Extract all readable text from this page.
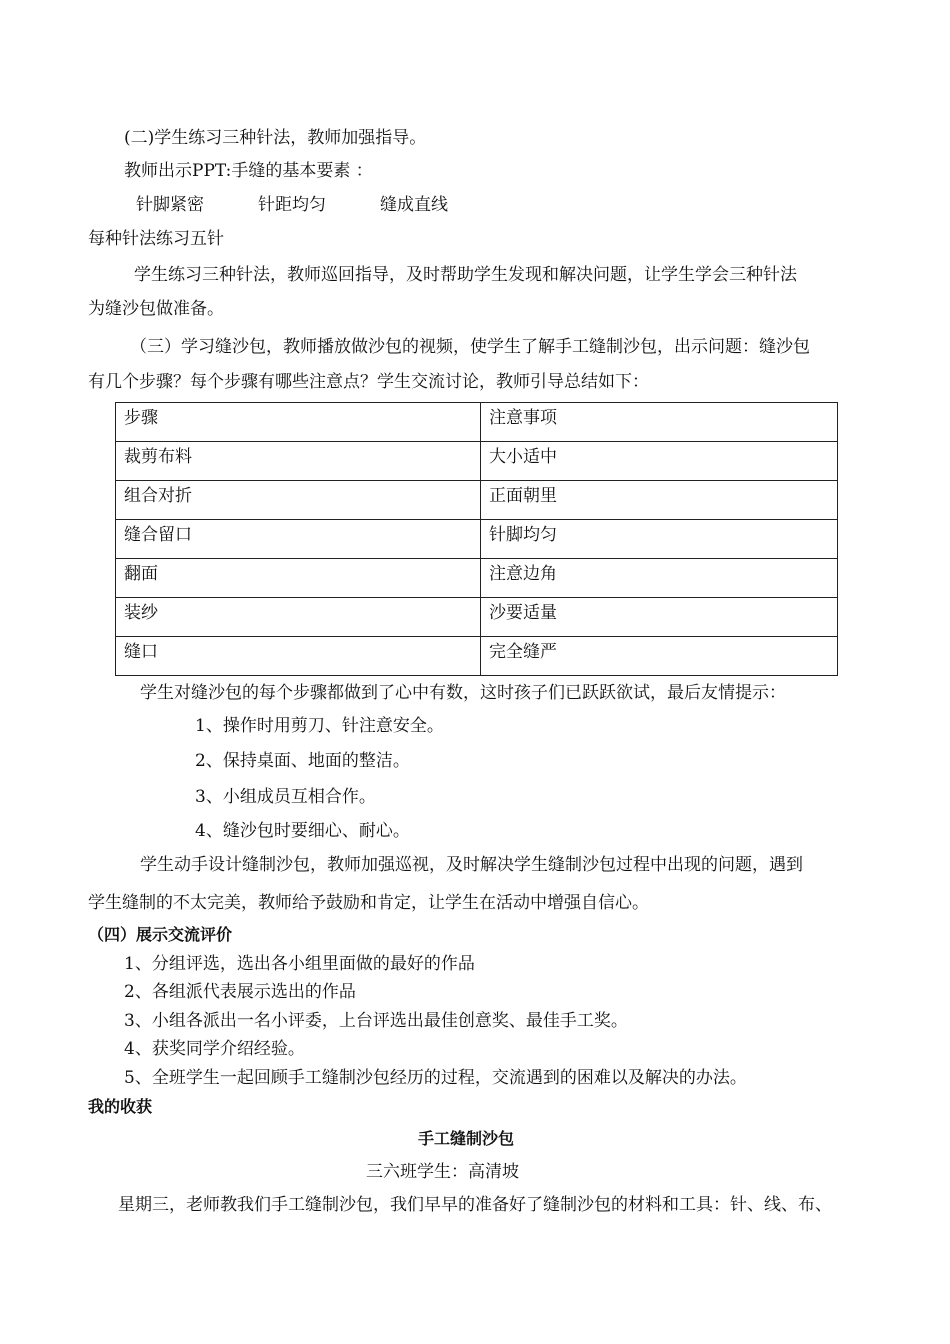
(二)学生练习三种针法，教师加强指导。
教师出示PPT:手缝的基本要素 ：
针脚紧密	针距均匀	缝成直线
每种针法练习五针
学生练习三种针法，教师巡回指导，及时帮助学生发现和解决问题，让学生学会三种针法
为缝沙包做准备。
（三）学习缝沙包，教师播放做沙包的视频，使学生了解手工缝制沙包，出示问题：缝沙包
有几个步骤？每个步骤有哪些注意点？学生交流讨论，教师引导总结如下：
步骤	注意事项
裁剪布料	大小适中
组合对折	正面朝里
缝合留口	针脚均匀
翻面	注意边角
装纱	沙要适量
缝口	完全缝严
学生对缝沙包的每个步骤都做到了心中有数，这时孩子们已跃跃欲试，最后友情提示：
1、操作时用剪刀、针注意安全。
2、保持桌面、地面的整洁。
3、小组成员互相合作。
4、缝沙包时要细心、耐心。
学生动手设计缝制沙包，教师加强巡视，及时解决学生缝制沙包过程中出现的问题，遇到
学生缝制的不太完美，教师给予鼓励和肯定，让学生在活动中增强自信心。
（四）展示交流评价
1、分组评选，选出各小组里面做的最好的作品
2、各组派代表展示选出的作品
3、小组各派出一名小评委，上台评选出最佳创意奖、最佳手工奖。
4、获奖同学介绍经验。
5、全班学生一起回顾手工缝制沙包经历的过程，交流遇到的困难以及解决的办法。
我的收获
手工缝制沙包
三六班学生：高清坡
星期三，老师教我们手工缝制沙包，我们早早的准备好了缝制沙包的材料和工具：针、线、布、
